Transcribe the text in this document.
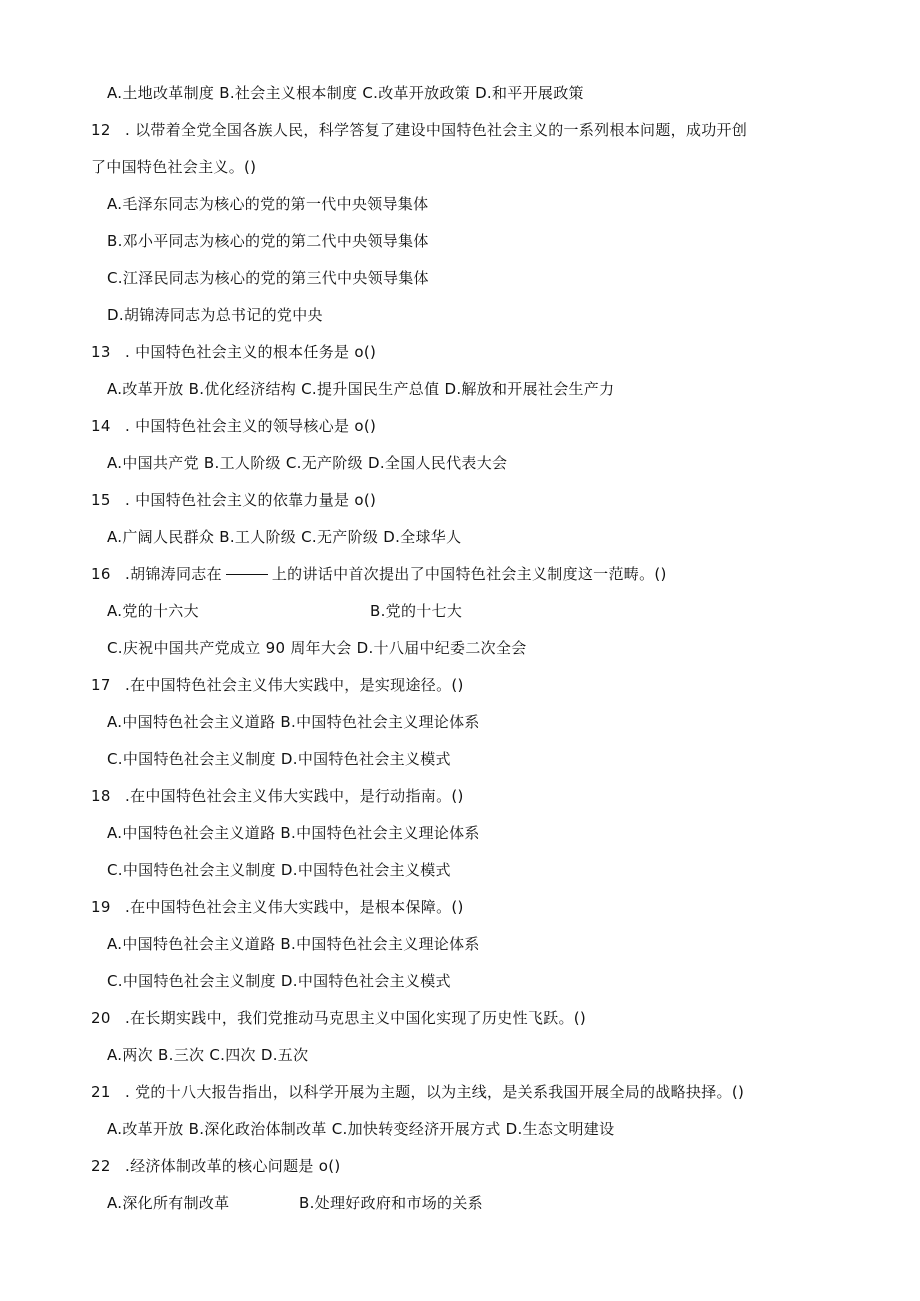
A.土地改革制度 B.社会主义根本制度 C.改革开放政策 D.和平开展政策
12 . 以带着全党全国各族人民，科学答复了建设中国特色社会主义的一系列根本问题，成功开创
了中国特色社会主义。()
A.毛泽东同志为核心的党的第一代中央领导集体
B.邓小平同志为核心的党的第二代中央领导集体
C.江泽民同志为核心的党的第三代中央领导集体
D.胡锦涛同志为总书记的党中央
13 . 中国特色社会主义的根本任务是 o()
A.改革开放 B.优化经济结构 C.提升国民生产总值 D.解放和开展社会生产力
14 . 中国特色社会主义的领导核心是 o()
A.中国共产党 B.工人阶级 C.无产阶级 D.全国人民代表大会
15 . 中国特色社会主义的依靠力量是 o()
A.广阔人民群众 B.工人阶级 C.无产阶级 D.全球华人
16 .胡锦涛同志在	上的讲话中首次提出了中国特色社会主义制度这一范畴。()
A.党的十六大	B.党的十七大
C.庆祝中国共产党成立 90 周年大会 D.十八届中纪委二次全会
17 .在中国特色社会主义伟大实践中，是实现途径。()
A.中国特色社会主义道路 B.中国特色社会主义理论体系
C.中国特色社会主义制度 D.中国特色社会主义模式
18 .在中国特色社会主义伟大实践中，是行动指南。()
A.中国特色社会主义道路 B.中国特色社会主义理论体系
C.中国特色社会主义制度 D.中国特色社会主义模式
19 .在中国特色社会主义伟大实践中，是根本保障。()
A.中国特色社会主义道路 B.中国特色社会主义理论体系
C.中国特色社会主义制度 D.中国特色社会主义模式
20 .在长期实践中，我们党推动马克思主义中国化实现了历史性飞跃。()
A.两次 B.三次 C.四次 D.五次
21 . 党的十八大报告指出，以科学开展为主题，以为主线，是关系我国开展全局的战略抉择。()
A.改革开放 B.深化政治体制改革 C.加快转变经济开展方式 D.生态文明建设
22 .经济体制改革的核心问题是 o()
A.深化所有制改革	B.处理好政府和市场的关系
